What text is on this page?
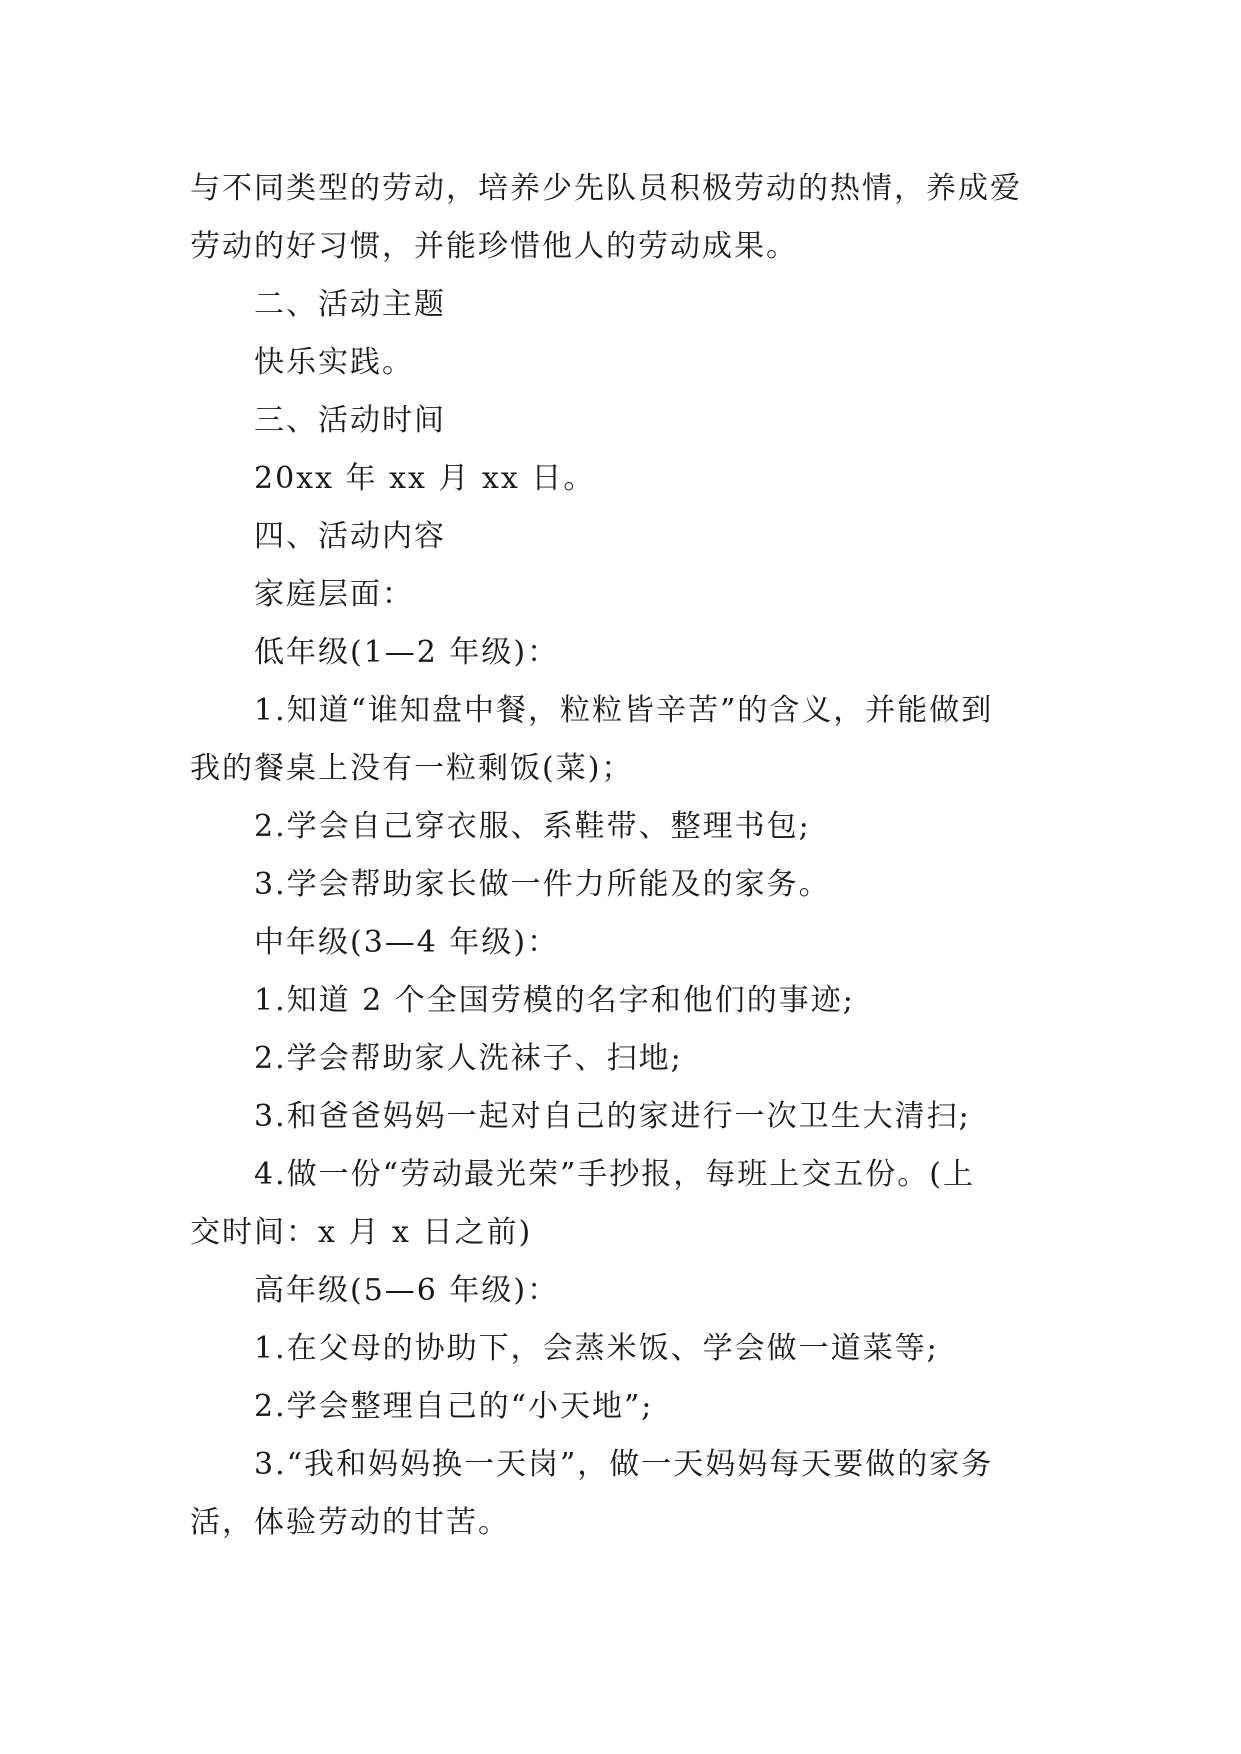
与不同类型的劳动，培养少先队员积极劳动的热情，养成爱
劳动的好习惯，并能珍惜他人的劳动成果。
二、活动主题
快乐实践。
三、活动时间
20xx 年 xx 月 xx 日。
四、活动内容
家庭层面：
低年级(1—2 年级)：
1.知道“谁知盘中餐，粒粒皆辛苦”的含义，并能做到
我的餐桌上没有一粒剩饭(菜)；
2.学会自己穿衣服、系鞋带、整理书包;
3.学会帮助家长做一件力所能及的家务。
中年级(3—4 年级)：
1.知道 2 个全国劳模的名字和他们的事迹;
2.学会帮助家人洗袜子、扫地;
3.和爸爸妈妈一起对自己的家进行一次卫生大清扫;
4.做一份“劳动最光荣”手抄报，每班上交五份。(上
交时间：x 月 x 日之前)
高年级(5—6 年级)：
1.在父母的协助下，会蒸米饭、学会做一道菜等;
2.学会整理自己的“小天地”;
3.“我和妈妈换一天岗”，做一天妈妈每天要做的家务
活，体验劳动的甘苦。
